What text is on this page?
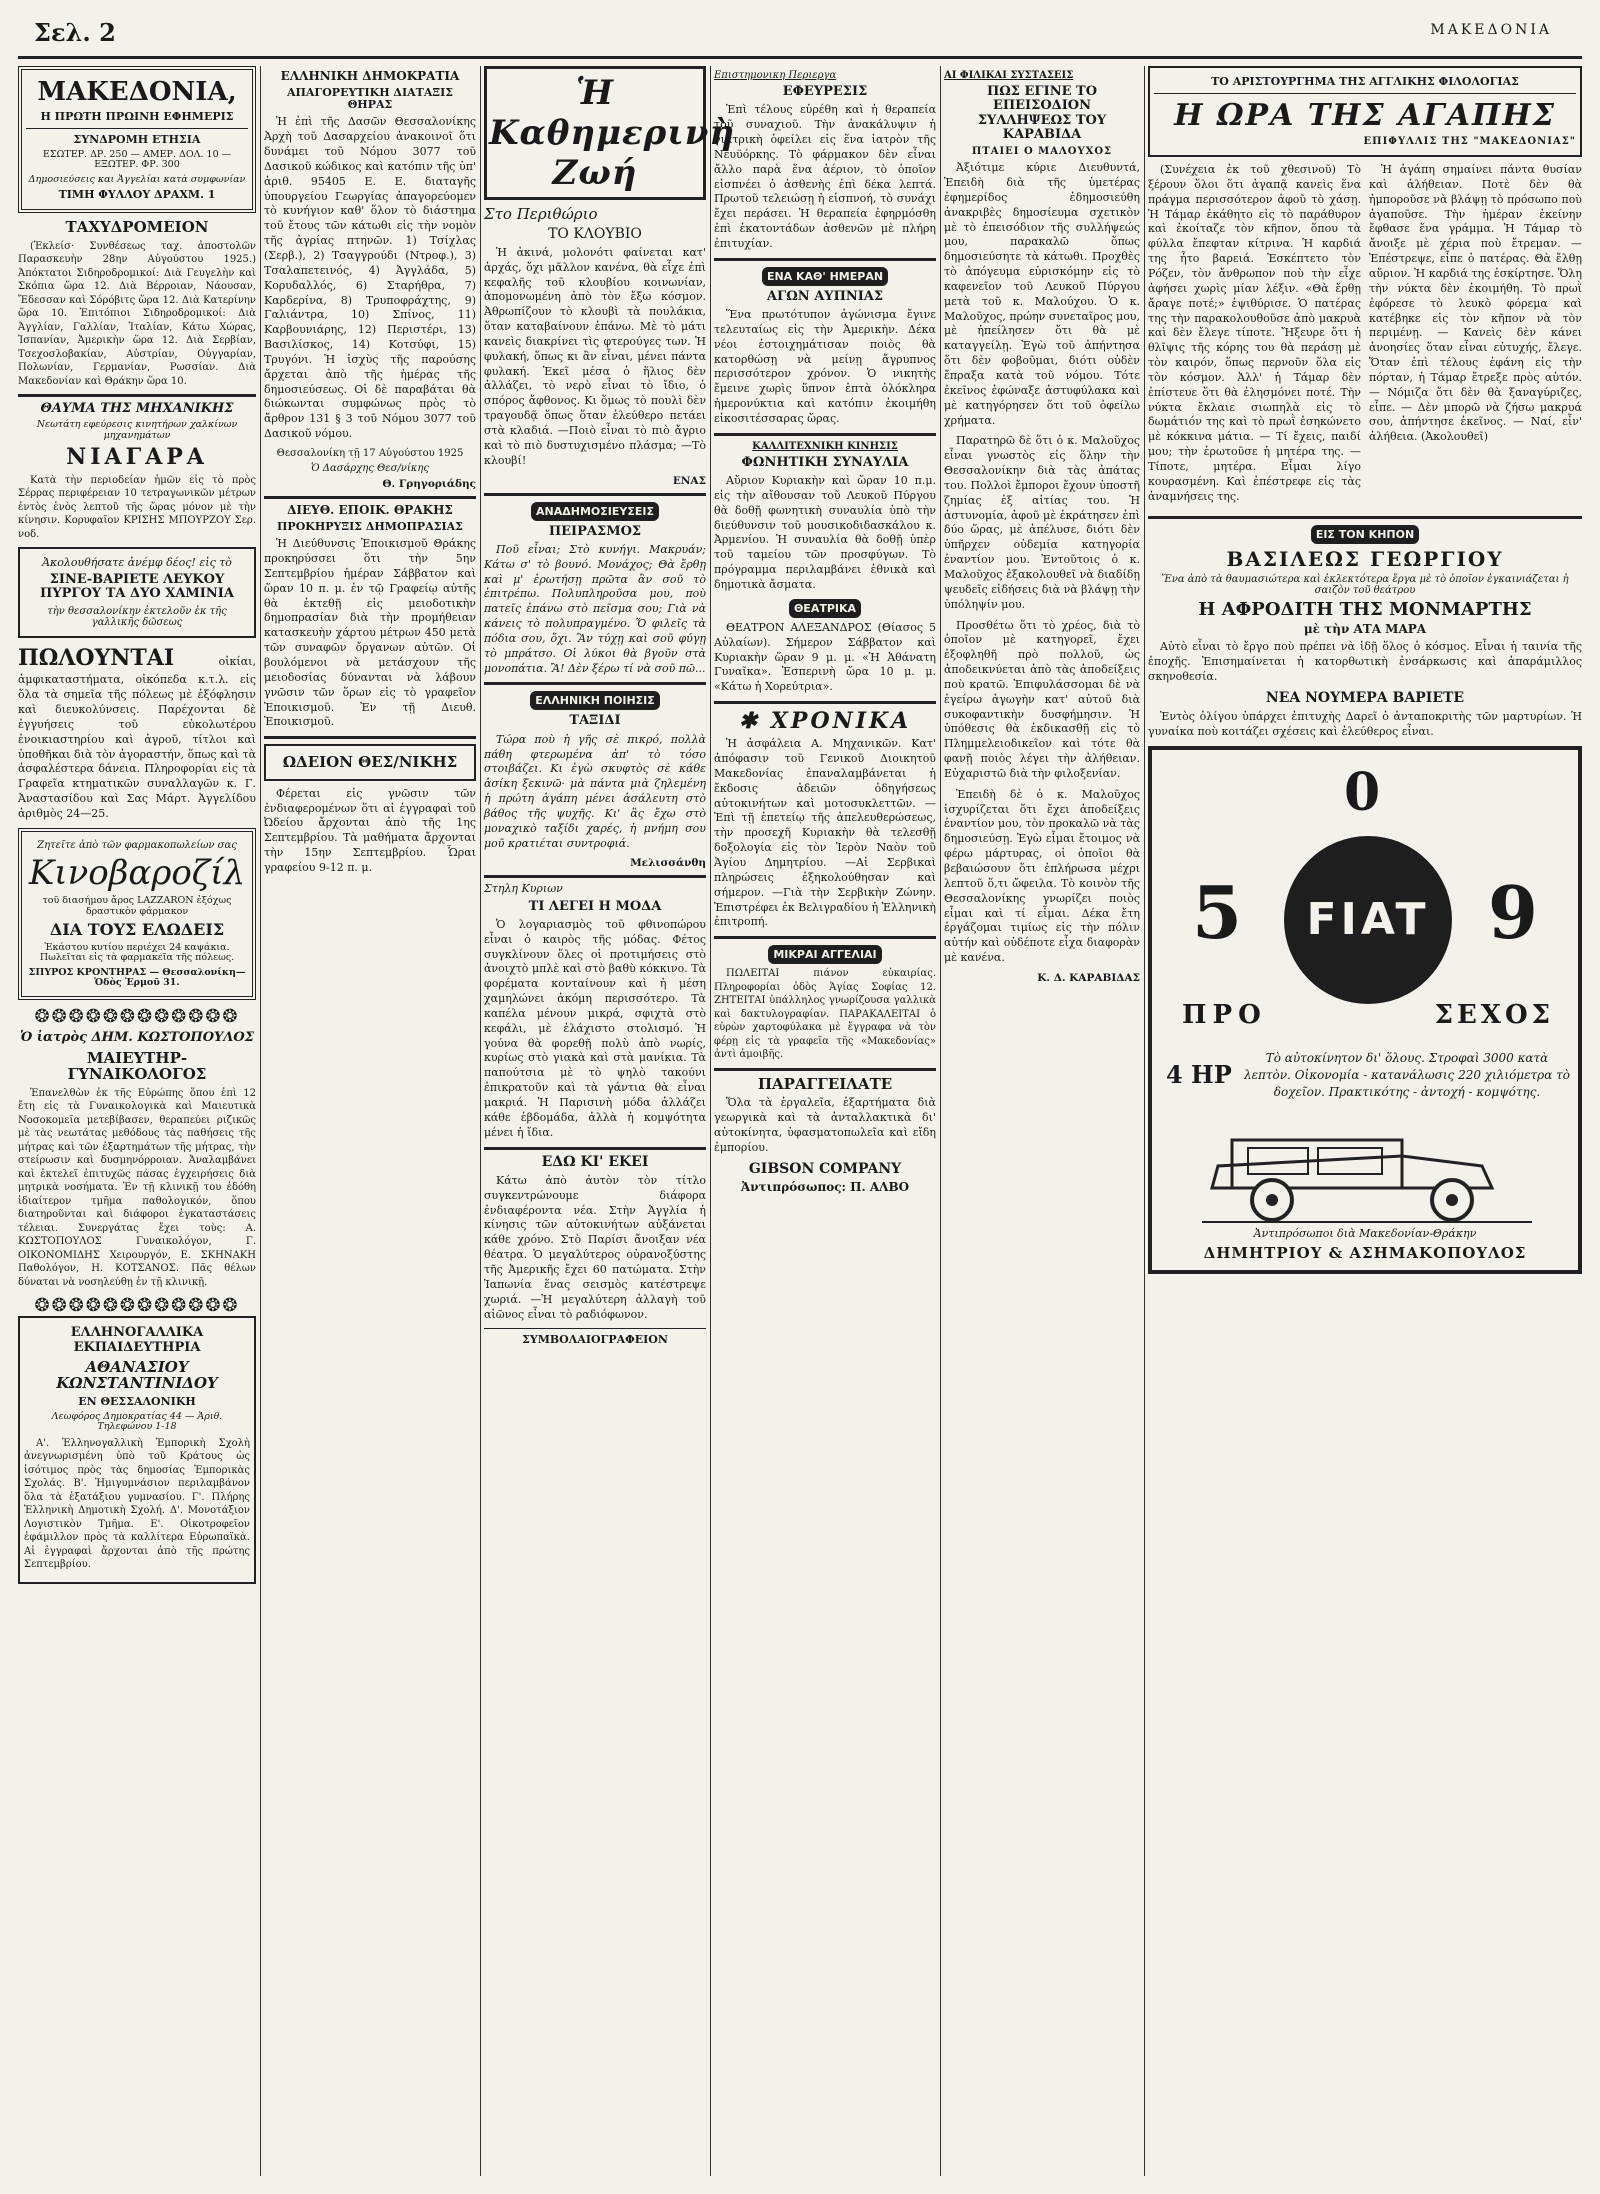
Σελ. 2	ΜΑΚΕΔΟΝΙΑ
ΜΑΚΕΔΟΝΙΑ,
Η ΠΡΩΤΗ ΠΡΩΙΝΗ ΕΦΗΜΕΡΙΣ
ΣΥΝΔΡΟΜΗ ΕΤΗΣΙΑ
ΕΣΩΤΕΡ. ΔΡ. 250 — ΑΜΕΡ. ΔΟΛ. 10 — ΕΞΩΤΕΡ. ΦΡ. 300
Δημοσιεύσεις και Ἀγγελίαι κατὰ συμφωνίαν
ΤΙΜΗ ΦΥΛΛΟΥ ΔΡΑΧΜ. 1
ΤΑΧΥΔΡΟΜΕΙΟΝ

(Ἐκλείσ· Συνθέσεως ταχ. ἀποστολῶν Παρασκευὴν 28ην Αὐγούστου 1925.) Ἀπόκτατοι Σιδηροδρομικοί: Διὰ Γευγελὴν καὶ Σκόπια ὥρα 12. Διὰ Βέρροιαν, Νάουσαν, Ἔδεσσαν καὶ Σόρόβιτς ὥρα 12. Διὰ Κατερίνην ὥρα 10. Ἐπιτόπιοι Σιδηροδρομικοί: Διὰ Ἀγγλίαν, Γαλλίαν, Ἰταλίαν, Κάτω Χώρας, Ἰσπανίαν, Ἀμερικὴν ὥρα 12. Διὰ Σερβίαν, Τσεχοσλοβακίαν, Αὐστρίαν, Οὐγγαρίαν, Πολωνίαν, Γερμανίαν, Ρωσσίαν. Διὰ Μακεδονίαν καὶ Θράκην ὥρα 10.

ΘΑΥΜΑ ΤΗΣ ΜΗΧΑΝΙΚΗΣ
Νεωτάτη εφεύρεσις κινητήρων χαλκίνων μηχανημάτων
ΝΙΑΓΑΡΑ

Κατὰ τὴν περιοδείαν ἡμῶν εἰς τὸ πρὸς Σέρρας περιφέρειαν 10 τετραγωνικῶν μέτρων ἐντὸς ἑνὸς λεπτοῦ τῆς ὥρας μόνον μὲ τὴν κίνησιν. Κορυφαῖον ΚΡΙΣΗΣ ΜΠΟΥΡΖΟΥ Σερ. νοδ.

Ἀκολουθήσατε ἀνέμφ δέος! εἰς τὸ
ΣΙΝΕ-ΒΑΡΙΕΤΕ ΛΕΥΚΟΥ ΠΥΡΓΟΥ ΤΑ ΔΥΟ ΧΑΜΙΝΙΑ
τὴν θεσσαλονίκην ἐκτελοῦν ἐκ τῆς γαλλικῆς δῶσεως

ΠΩΛΟΥΝΤΑΙ	οἰκίαι, ἀμφικαταστήματα, οἰκόπεδα κ.τ.λ. εἰς ὅλα τὰ σημεῖα τῆς πόλεως μὲ ἐξόφλησιν καὶ διευκολύνσεις. Παρέχονται δὲ ἐγγυήσεις τοῦ εὐκολωτέρου ἐνοικιαστηρίου καὶ ἀγροῦ, τίτλοι καὶ ὑποθῆκαι διὰ τὸν ἀγοραστήν, ὅπως καὶ τὰ ἀσφαλέστερα δάνεια. Πληροφορίαι εἰς τὰ Γραφεῖα κτηματικῶν συναλλαγῶν κ. Γ. Ἀναστασίδου καὶ Σας Μάρτ. Ἀγγελίδου ἀριθμὸς 24—25.

Ζητεῖτε ἀπὸ τῶν φαρμακοπωλείων σας
Κινοβαροζίλ
τοῦ διασήμου ἄρος LAZZARON ἐξόχως δραστικὸν φάρμακον
ΔΙΑ ΤΟΥΣ ΕΛΩΔΕΙΣ
Ἐκάστου κυτίου περιέχει 24 καψάκια. Πωλεῖται εἰς τὰ φαρμακεῖα τῆς πόλεως.
ΣΠΥΡΟΣ ΚΡΟΝΤΗΡΑΣ — Θεσσαλονίκη—Ὁδὸς Ἐρμοῦ 31.
❂❂❂❂❂❂❂❂❂❂❂❂
Ὁ ἰατρὸς ΔΗΜ. ΚΩΣΤΟΠΟΥΛΟΣ
ΜΑΙΕΥΤΗΡ-ΓΥΝΑΙΚΟΛΟΓΟΣ

Ἐπανελθὼν ἐκ τῆς Εὐρώπης ὅπου ἐπὶ 12 ἔτη εἰς τὰ Γυναικολογικὰ καὶ Μαιευτικὰ Νοσοκομεῖα μετεβίβασεν, θεραπεύει ριζικῶς μὲ τὰς νεωτάτας μεθόδους τὰς παθήσεις τῆς μήτρας καὶ τῶν ἐξαρτημάτων τῆς μήτρας, τὴν στείρωσιν καὶ δυσμηνόρροιαν. Ἀναλαμβάνει καὶ ἐκτελεῖ ἐπιτυχῶς πάσας ἐγχειρήσεις διὰ μητρικὰ νοσήματα. Ἐν τῇ κλινικῇ του ἐδόθη ἰδιαίτερον τμῆμα παθολογικόν, ὅπου διατηροῦνται καὶ διάφοροι ἐγκαταστάσεις τέλειαι. Συνεργάτας ἔχει τοὺς: Α. ΚΩΣΤΟΠΟΥΛΟΣ Γυναικολόγον, Γ. ΟΙΚΟΝΟΜΙΔΗΣ Χειρουργόν, Ε. ΣΚΗΝΑΚΗ Παθολόγον, Η. ΚΟΤΣΑΝΟΣ. Πᾶς θέλων δύναται νὰ νοσηλεύθῃ ἐν τῇ κλινικῇ.

❂❂❂❂❂❂❂❂❂❂❂❂
ΕΛΛΗΝΟΓΑΛΛΙΚΑ ΕΚΠΑΙΔΕΥΤΗΡΙΑ
ΑΘΑΝΑΣΙΟΥ ΚΩΝΣΤΑΝΤΙΝΙΔΟΥ
ΕΝ ΘΕΣΣΑΛΟΝΙΚΗ
Λεωφόρος Δημοκρατίας 44 — Ἀριθ. Τηλεφώνου 1-18

Α'. Ἑλληνογαλλικὴ Ἐμπορικὴ Σχολὴ ἀνεγνωρισμένη ὑπὸ τοῦ Κράτους ὡς ἰσότιμος πρὸς τὰς δημοσίας Ἐμπορικὰς Σχολάς. Β'. Ἡμιγυμνάσιον περιλαμβάνον ὅλα τὰ ἑξατάξιου γυμνασίου. Γ'. Πλήρης Ἑλληνικὴ Δημοτικὴ Σχολή. Δ'. Μονοτάξιον Λογιστικὸν Τμῆμα. Ε'. Οἰκοτροφεῖον ἐφάμιλλον πρὸς τὰ καλλίτερα Εὐρωπαϊκὰ. Αἱ ἐγγραφαὶ ἄρχονται ἀπὸ τῆς πρώτης Σεπτεμβρίου.

ΕΛΛΗΝΙΚΗ ΔΗΜΟΚΡΑΤΙΑ
ΑΠΑΓΟΡΕΥΤΙΚΗ ΔΙΑΤΑΞΙΣ ΘΗΡΑΣ

Ἡ ἐπὶ τῆς Δασῶν Θεσσαλονίκης Ἀρχὴ τοῦ Δασαρχείου ἀνακοινοῖ ὅτι δυνάμει τοῦ Νόμου 3077 τοῦ Δασικοῦ κώδικος καὶ κατόπιν τῆς ὑπ' ἀριθ. 95405 Ε. Ε. διαταγῆς ὑπουργείου Γεωργίας ἀπαγορεύομεν τὸ κυνήγιον καθ' ὅλον τὸ διάστημα τοῦ ἔτους τῶν κάτωθι εἰς τὴν νομὸν τῆς ἀγρίας πτηνῶν. 1) Τσίχλας (Σερβ.), 2) Τσαγγρούδι (Ντροφ.), 3) Τσαλαπετεινός, 4) Ἀγγλάδα, 5) Κορυδαλλός, 6) Σταρήθρα, 7) Καρδερίνα, 8) Τρυποφράχτης, 9) Γαλιάντρα, 10) Σπίνος, 11) Καρβουνιάρης, 12) Περιστέρι, 13) Βασιλίσκος, 14) Κοτσύφι, 15) Τρυγόνι. Ἡ ἰσχὺς τῆς παρούσης ἄρχεται ἀπὸ τῆς ἡμέρας τῆς δημοσιεύσεως. Οἱ δὲ παραβάται θὰ διώκωνται συμφώνως πρὸς τὸ ἄρθρον 131 § 3 τοῦ Νόμου 3077 τοῦ Δασικοῦ νόμου.

Θεσσαλονίκη τῇ 17 Αὐγούστου 1925
Ὁ Δασάρχης Θεσ/νίκης
Θ. Γρηγοριάδης
ΔΙΕΥΘ. ΕΠΟΙΚ. ΘΡΑΚΗΣ
ΠΡΟΚΗΡΥΞΙΣ ΔΗΜΟΠΡΑΣΙΑΣ

Ἡ Διεύθυνσις Ἐποικισμοῦ Θράκης προκηρύσσει ὅτι τὴν 5ην Σεπτεμβρίου ἡμέραν Σάββατον καὶ ὥραν 10 π. μ. ἐν τῷ Γραφείῳ αὐτῆς θὰ ἐκτεθῇ εἰς μειοδοτικὴν δημοπρασίαν διὰ τὴν προμήθειαν κατασκευὴν χάρτου μέτρων 450 μετὰ τῶν συναφῶν ὄργανων αὐτῶν. Οἱ βουλόμενοι νὰ μετάσχουν τῆς μειοδοσίας δύνανται νὰ λάβουν γνῶσιν τῶν ὅρων εἰς τὸ γραφεῖον Ἐποικισμοῦ. Ἐν τῇ Διευθ. Ἐποικισμοῦ.

ΩΔΕΙΟΝ ΘΕΣ/ΝΙΚΗΣ

Φέρεται εἰς γνῶσιν τῶν ἐνδιαφερομένων ὅτι αἱ ἐγγραφαὶ τοῦ Ὠδείου ἄρχονται ἀπὸ τῆς 1ης Σεπτεμβρίου. Τὰ μαθήματα ἄρχονται τὴν 15ην Σεπτεμβρίου. Ὧραι γραφείου 9-12 π. μ.

Ἡ Καθημερινὴ Ζωή
Στο Περιθώριο
ΤΟ ΚΛΟΥΒΙΟ

Ἡ ἀκινά, μολονότι φαίνεται κατ' ἀρχάς, ὅχι μᾶλλον κανένα, θὰ εἶχε ἐπὶ κεφαλῆς τοῦ κλουβίου κοινωνίαν, ἀπομονωμένη ἀπὸ τὸν ἔξω κόσμον. Ἀθρωπίζουν τὸ κλουβὶ τὰ πουλάκια, ὅταν καταβαίνουν ἐπάνω. Μὲ τὸ μάτι κανεὶς διακρίνει τὶς φτερούγες των. Ἡ φυλακή, ὅπως κι ἂν εἶναι, μένει πάντα φυλακή. Ἐκεῖ μέσα ὁ ἥλιος δὲν ἀλλάζει, τὸ νερὸ εἶναι τὸ ἴδιο, ὁ σπόρος ἄφθονος. Κι ὅμως τὸ πουλὶ δὲν τραγουδᾷ ὅπως ὅταν ἐλεύθερο πετάει στὰ κλαδιά. —Ποιὸ εἶναι τὸ πιὸ ἄγριο καὶ τὸ πιὸ δυστυχισμένο πλάσμα; —Τὸ κλουβί!

ΕΝΑΣ
ΑΝΑΔΗΜΟΣΙΕΥΣΕΙΣ
ΠΕΙΡΑΣΜΟΣ

Ποῦ εἶναι; Στὸ κυνήγι. Μακρυάν; Κάτω σ' τὸ βουνό. Μονάχος; Θὰ ἔρθῃ καὶ μ' ἐρωτήσῃ πρῶτα ἂν σοῦ τὸ ἐπιτρέπω. Πολυπληροῦσα μου, ποὺ πατεῖς ἐπάνω στὸ πεῖσμα σου; Γιὰ νὰ κάνεις τὸ πολυπραγμένο. Ὅ φιλεῖς τὰ πόδια σου, ὄχι. Ἂν τύχῃ καὶ σοῦ φύγῃ τὸ μπράτσο. Οἱ λύκοι θὰ βγοῦν στὰ μονοπάτια. Ἂ! Δὲν ξέρω τί νὰ σοῦ πῶ...

ΕΛΛΗΝΙΚΗ ΠΟΙΗΣΙΣ
ΤΑΞΙΔΙ

Τώρα ποὺ ἡ γῆς σὲ πικρό, πολλὰ πάθη φτερωμένα ἀπ' τὸ τόσο στοιβάζει. Κι ἐγὼ σκυφτὸς σὲ κάθε ἀσίκη ξεκινῶ· μὰ πάντα μιὰ ζηλεμένη ἡ πρώτη ἀγάπη μένει ἀσάλευτη στὸ βάθος τῆς ψυχῆς. Κι' ἂς ἔχω στὸ μοναχικὸ ταξίδι χαρές, ἡ μνήμη σου μοῦ κρατιέται συντροφιά.

Μελισσάνθη
Στηλη Κυριων
ΤΙ ΛΕΓΕΙ Η ΜΟΔΑ

Ὁ λογαριασμὸς τοῦ φθινοπώρου εἶναι ὁ καιρὸς τῆς μόδας. Φέτος συγκλίνουν ὅλες οἱ προτιμήσεις στὸ ἀνοιχτὸ μπλὲ καὶ στὸ βαθὺ κόκκινο. Τὰ φορέματα κονταίνουν καὶ ἡ μέση χαμηλώνει ἀκόμη περισσότερο. Τὰ καπέλα μένουν μικρά, σφιχτὰ στὸ κεφάλι, μὲ ἐλάχιστο στολισμό. Ἡ γούνα θὰ φορεθῇ πολὺ ἀπὸ νωρίς, κυρίως στὸ γιακὰ καὶ στὰ μανίκια. Τὰ παπούτσια μὲ τὸ ψηλὸ τακούνι ἐπικρατοῦν καὶ τὰ γάντια θὰ εἶναι μακριά. Ἡ Παρισινὴ μόδα ἀλλάζει κάθε ἑβδομάδα, ἀλλὰ ἡ κομψότητα μένει ἡ ἴδια.

ΕΔΩ ΚΙ' ΕΚΕΙ

Κάτω ἀπὸ ἀυτὸν τὸν τίτλο συγκεντρώνουμε διάφορα ἐνδιαφέροντα νέα. Στὴν Ἀγγλία ἡ κίνησις τῶν αὐτοκινήτων αὐξάνεται κάθε χρόνο. Στὸ Παρίσι ἄνοιξαν νέα θέατρα. Ὁ μεγαλύτερος οὐρανοξύστης τῆς Ἀμερικῆς ἔχει 60 πατώματα. Στὴν Ἰαπωνία ἕνας σεισμὸς κατέστρεψε χωριά. —Ἡ μεγαλύτερη ἀλλαγὴ τοῦ αἰῶνος εἶναι τὸ ραδιόφωνον.

ΣΥΜΒΟΛΑΙΟΓΡΑΦΕΙΟΝ
Επιστημονικη Περιεργα
ΕΦΕΥΡΕΣΙΣ

Ἐπὶ τέλους εὐρέθη καὶ ἡ θεραπεία τοῦ συναχιοῦ. Τὴν ἀνακάλυψιν ἡ γιατρικὴ ὀφείλει εἰς ἕνα ἰατρὸν τῆς Νευϋόρκης. Τὸ φάρμακον δὲν εἶναι ἄλλο παρὰ ἕνα ἀέριον, τὸ ὁποῖον εἰσπνέει ὁ ἀσθενὴς ἐπὶ δέκα λεπτά. Πρωτοῦ τελειώσῃ ἡ εἰσπνοή, τὸ συνάχι ἔχει περάσει. Ἡ θεραπεία ἐφηρμόσθη ἐπὶ ἑκατοντάδων ἀσθενῶν μὲ πλήρη ἐπιτυχίαν.

ΕΝΑ ΚΑΘ' ΗΜΕΡΑΝ
ΑΓΩΝ ΑΥΠΝΙΑΣ

Ἕνα πρωτότυπον ἀγώνισμα ἔγινε τελευταίως εἰς τὴν Ἀμερικὴν. Δέκα νέοι ἐστοιχημάτισαν ποιὸς θὰ κατορθώσῃ νὰ μείνῃ ἄγρυπνος περισσότερον χρόνον. Ὁ νικητὴς ἔμεινε χωρὶς ὕπνον ἑπτὰ ὁλόκληρα ἡμερονύκτια καὶ κατόπιν ἐκοιμήθη εἰκοσιτέσσαρας ὥρας.

ΚΑΛΛΙΤΕΧΝΙΚΗ ΚΙΝΗΣΙΣ
ΦΩΝΗΤΙΚΗ ΣΥΝΑΥΛΙΑ

Αὔριον Κυριακὴν καὶ ὥραν 10 π.μ. εἰς τὴν αἴθουσαν τοῦ Λευκοῦ Πύργου θὰ δοθῇ φωνητικὴ συναυλία ὑπὸ τὴν διεύθυνσιν τοῦ μουσικοδιδασκάλου κ. Ἀρμενίου. Ἡ συναυλία θὰ δοθῇ ὑπὲρ τοῦ ταμείου τῶν προσφύγων. Τὸ πρόγραμμα περιλαμβάνει ἐθνικὰ καὶ δημοτικὰ ἄσματα.

ΘΕΑΤΡΙΚΑ

ΘΕΑΤΡΟΝ ΑΛΕΞΑΝΔΡΟΣ (Θίασος 5 Αὐλαίων). Σήμερον Σάββατον καὶ Κυριακὴν ὥραν 9 μ. μ. «Ἡ Ἀθάνατη Γυναῖκα». Ἑσπερινὴ ὥρα 10 μ. μ. «Κάτω ἡ Χορεύτρια».

✱ ΧΡΟΝΙΚΑ

Ἡ ἀσφάλεια Α. Μηχανικῶν. Κατ' ἀπόφασιν τοῦ Γενικοῦ Διοικητοῦ Μακεδονίας ἐπαναλαμβάνεται ἡ ἔκδοσις ἀδειῶν ὁδηγήσεως αὐτοκινήτων καὶ μοτοσυκλεττῶν. —Ἐπὶ τῇ ἐπετείῳ τῆς ἀπελευθερώσεως, τὴν προσεχῆ Κυριακὴν θὰ τελεσθῇ δοξολογία εἰς τὸν Ἱερὸν Ναὸν τοῦ Ἁγίου Δημητρίου. —Αἱ Σερβικαὶ πληρώσεις ἐξηκολούθησαν καὶ σήμερον. —Γιὰ τὴν Σερβικὴν Ζώνην. Ἐπιστρέφει ἐκ Βελιγραδίου ἡ Ἑλληνικὴ ἐπιτροπή.

ΜΙΚΡΑΙ ΑΓΓΕΛΙΑΙ

ΠΩΛΕΙΤΑΙ πιάνον εὐκαιρίας. Πληροφορίαι ὁδὸς Ἁγίας Σοφίας 12. ΖΗΤΕΙΤΑΙ ὑπάλληλος γνωρίζουσα γαλλικὰ καὶ δακτυλογραφίαν. ΠΑΡΑΚΑΛΕΙΤΑΙ ὁ εὑρὼν χαρτοφύλακα μὲ ἔγγραφα νὰ τὸν φέρῃ εἰς τὰ γραφεῖα τῆς «Μακεδονίας» ἀντὶ ἀμοιβῆς.

ΠΑΡΑΓΓΕΙΛΑΤΕ

Ὅλα τὰ ἐργαλεῖα, ἐξαρτήματα διὰ γεωργικὰ καὶ τὰ ἀνταλλακτικὰ δι' αὐτοκίνητα, ὑφασματοπωλεῖα καὶ εἴδη ἐμπορίου.

GIBSON COMPANY
Ἀντιπρόσωπος: Π. ΑΛΒΟ
ΑΙ ΦΙΛΙΚΑΙ ΣΥΣΤΑΣΕΙΣ
ΠΩΣ ΕΓΙΝΕ ΤΟ ΕΠΕΙΣΟΔΙΟΝ ΣΥΛΛΗΨΕΩΣ ΤΟΥ ΚΑΡΑΒΙΔΑ
ΠΤΑΙΕΙ Ο ΜΑΛΟΥΧΟΣ

Ἀξιότιμε κύριε Διευθυντά, Ἐπειδὴ διὰ τῆς ὑμετέρας ἐφημερίδος ἐδημοσιεύθη ἀνακριβὲς δημοσίευμα σχετικὸν μὲ τὸ ἐπεισόδιον τῆς συλλήψεώς μου, παρακαλῶ ὅπως δημοσιεύσητε τὰ κάτωθι. Προχθὲς τὸ ἀπόγευμα εὑρισκόμην εἰς τὸ καφενεῖον τοῦ Λευκοῦ Πύργου μετὰ τοῦ κ. Μαλούχου. Ὁ κ. Μαλοῦχος, πρώην συνεταῖρος μου, μὲ ἠπείλησεν ὅτι θὰ μὲ καταγγείλῃ. Ἐγὼ τοῦ ἀπήντησα ὅτι δὲν φοβοῦμαι, διότι οὐδὲν ἔπραξα κατὰ τοῦ νόμου. Τότε ἐκεῖνος ἐφώναξε ἀστυφύλακα καὶ μὲ κατηγόρησεν ὅτι τοῦ ὀφείλω χρήματα.

Παρατηρῶ δὲ ὅτι ὁ κ. Μαλοῦχος εἶναι γνωστὸς εἰς ὅλην τὴν Θεσσαλονίκην διὰ τὰς ἀπάτας του. Πολλοὶ ἔμποροι ἔχουν ὑποστῆ ζημίας ἐξ αἰτίας του. Ἡ ἀστυνομία, ἀφοῦ μὲ ἐκράτησεν ἐπὶ δύο ὥρας, μὲ ἀπέλυσε, διότι δὲν ὑπῆρχεν οὐδεμία κατηγορία ἐναντίον μου. Ἐντοῦτοις ὁ κ. Μαλοῦχος ἐξακολουθεῖ νὰ διαδίδῃ ψευδεῖς εἰδήσεις διὰ νὰ βλάψῃ τὴν ὑπόληψίν μου.

Προσθέτω ὅτι τὸ χρέος, διὰ τὸ ὁποῖον μὲ κατηγορεῖ, ἔχει ἐξοφληθῆ πρὸ πολλοῦ, ὡς ἀποδεικνύεται ἀπὸ τὰς ἀποδείξεις ποὺ κρατῶ. Ἐπιφυλάσσομαι δὲ νὰ ἐγείρω ἀγωγὴν κατ' αὐτοῦ διὰ συκοφαντικὴν δυσφήμησιν. Ἡ ὑπόθεσις θὰ ἐκδικασθῇ εἰς τὸ Πλημμελειοδικεῖον καὶ τότε θὰ φανῇ ποιὸς λέγει τὴν ἀλήθειαν. Εὐχαριστῶ διὰ τὴν φιλοξενίαν.

Ἐπειδὴ δὲ ὁ κ. Μαλοῦχος ἰσχυρίζεται ὅτι ἔχει ἀποδείξεις ἐναντίον μου, τὸν προκαλῶ νὰ τὰς δημοσιεύσῃ. Ἐγὼ εἶμαι ἔτοιμος νὰ φέρω μάρτυρας, οἱ ὁποῖοι θὰ βεβαιώσουν ὅτι ἐπλήρωσα μέχρι λεπτοῦ ὅ,τι ὤφειλα. Τὸ κοινὸν τῆς Θεσσαλονίκης γνωρίζει ποιὸς εἶμαι καὶ τί εἶμαι. Δέκα ἔτη ἐργάζομαι τιμίως εἰς τὴν πόλιν αὐτήν καὶ οὐδέποτε εἶχα διαφορὰν μὲ κανένα.

Κ. Δ. ΚΑΡΑΒΙΔΑΣ
ΤΟ ΑΡΙΣΤΟΥΡΓΗΜΑ ΤΗΣ ΑΓΓΛΙΚΗΣ ΦΙΛΟΛΟΓΙΑΣ
Η ΩΡΑ ΤΗΣ ΑΓΑΠΗΣ
ΕΠΙΦΥΛΛΙΣ ΤΗΣ "ΜΑΚΕΔΟΝΙΑΣ"

(Συνέχεια ἐκ τοῦ χθεσινοῦ) Τὸ ξέρουν ὅλοι ὅτι ἀγαπᾷ κανεὶς ἕνα πράγμα περισσότερον ἀφοῦ τὸ χάσῃ. Ἡ Τάμαρ ἐκάθητο εἰς τὸ παράθυρον καὶ ἐκοίταζε τὸν κῆπον, ὅπου τὰ φύλλα ἔπεφταν κίτρινα. Ἡ καρδιά της ἦτο βαρειά. Ἐσκέπτετο τὸν Ρόζεν, τὸν ἄνθρωπον ποὺ τὴν εἶχε ἀφήσει χωρὶς μίαν λέξιν. «Θὰ ἔρθῃ ἄραγε ποτέ;» ἐψιθύρισε. Ὁ πατέρας της τὴν παρακολουθοῦσε ἀπὸ μακρυὰ καὶ δὲν ἔλεγε τίποτε. Ἤξευρε ὅτι ἡ θλῖψις τῆς κόρης του θὰ περάσῃ μὲ τὸν καιρόν, ὅπως περνοῦν ὅλα εἰς τὸν κόσμον. Ἀλλ' ἡ Τάμαρ δὲν ἐπίστευε ὅτι θὰ ἐλησμόνει ποτέ. Τὴν νύκτα ἔκλαιε σιωπηλὰ εἰς τὸ δωμάτιόν της καὶ τὸ πρωῒ ἐσηκώνετο μὲ κόκκινα μάτια. — Τί ἔχεις, παιδί μου; τὴν ἐρωτοῦσε ἡ μητέρα της. — Τίποτε, μητέρα. Εἶμαι λίγο κουρασμένη. Καὶ ἐπέστρεφε εἰς τὰς ἀναμνήσεις της.

Ἡ ἀγάπη σημαίνει πάντα θυσίαν καὶ ἀλήθειαν. Ποτὲ δὲν θὰ ἠμποροῦσε νὰ βλάψῃ τὸ πρόσωπο ποὺ ἀγαποῦσε. Τὴν ἡμέραν ἐκείνην ἔφθασε ἕνα γράμμα. Ἡ Τάμαρ τὸ ἄνοιξε μὲ χέρια ποὺ ἔτρεμαν. — Ἐπέστρεψε, εἶπε ὁ πατέρας. Θὰ ἔλθῃ αὔριον. Ἡ καρδιά της ἐσκίρτησε. Ὅλη τὴν νύκτα δὲν ἐκοιμήθη. Τὸ πρωῒ ἐφόρεσε τὸ λευκὸ φόρεμα καὶ κατέβηκε εἰς τὸν κῆπον νὰ τὸν περιμένῃ. — Κανεὶς δὲν κάνει ἀνοησίες ὅταν εἶναι εὐτυχής, ἔλεγε. Ὅταν ἐπὶ τέλους ἐφάνη εἰς τὴν πόρταν, ἡ Τάμαρ ἔτρεξε πρὸς αὐτόν. — Νόμιζα ὅτι δὲν θὰ ξαναγύριζες, εἶπε. — Δὲν μπορῶ νὰ ζήσω μακρυά σου, ἀπήντησε ἐκεῖνος. — Ναί, εἶν' ἀλήθεια. (Ἀκολουθεῖ)

ΕΙΣ ΤΟΝ ΚΗΠΟΝ
ΒΑΣΙΛΕΩΣ ΓΕΩΡΓΙΟΥ
Ἕνα ἀπὸ τὰ θαυμασιώτερα καὶ ἐκλεκτότερα ἔργα μὲ τὸ ὁποῖον ἐγκαινιάζεται ἡ σαιζὸν τοῦ θεάτρου
Η ΑΦΡΟΔΙΤΗ ΤΗΣ ΜΟΝΜΑΡΤΗΣ
μὲ τὴν ΑΤΑ ΜΑΡΑ

Αὐτὸ εἶναι τὸ ἔργο ποὺ πρέπει νὰ ἰδῇ ὅλος ὁ κόσμος. Εἶναι ἡ ταινία τῆς ἐποχῆς. Ἐπισημαίνεται ἡ κατορθωτικὴ ἐνσάρκωσις καὶ ἀπαράμιλλος σκηνοθεσία.

ΝΕΑ ΝΟΥΜΕΡΑ ΒΑΡΙΕΤΕ

Ἐντὸς ὀλίγου ὑπάρχει ἐπιτυχὴς Δαρεῖ ὁ ἀνταποκριτὴς τῶν μαρτυρίων. Ἡ γυναίκα ποὺ κοιτάζει σχέσεις καὶ ἐλεύθερος εἶναι.

0
5	FIAT 9
ΠΡΟ	ΣΕΧΟΣ
4 ΗΡ
Τὸ αὐτοκίνητον δι' ὅλους. Στροφαὶ 3000 κατὰ λεπτὸν. Οἰκονομία - κατανάλωσις 220 χιλιόμετρα τὸ δοχεῖον. Πρακτικότης - ἀντοχή - κομψότης.
Ἀντιπρόσωποι διὰ Μακεδονίαν-Θράκην
ΔΗΜΗΤΡΙΟΥ & ΑΣΗΜΑΚΟΠΟΥΛΟΣ
